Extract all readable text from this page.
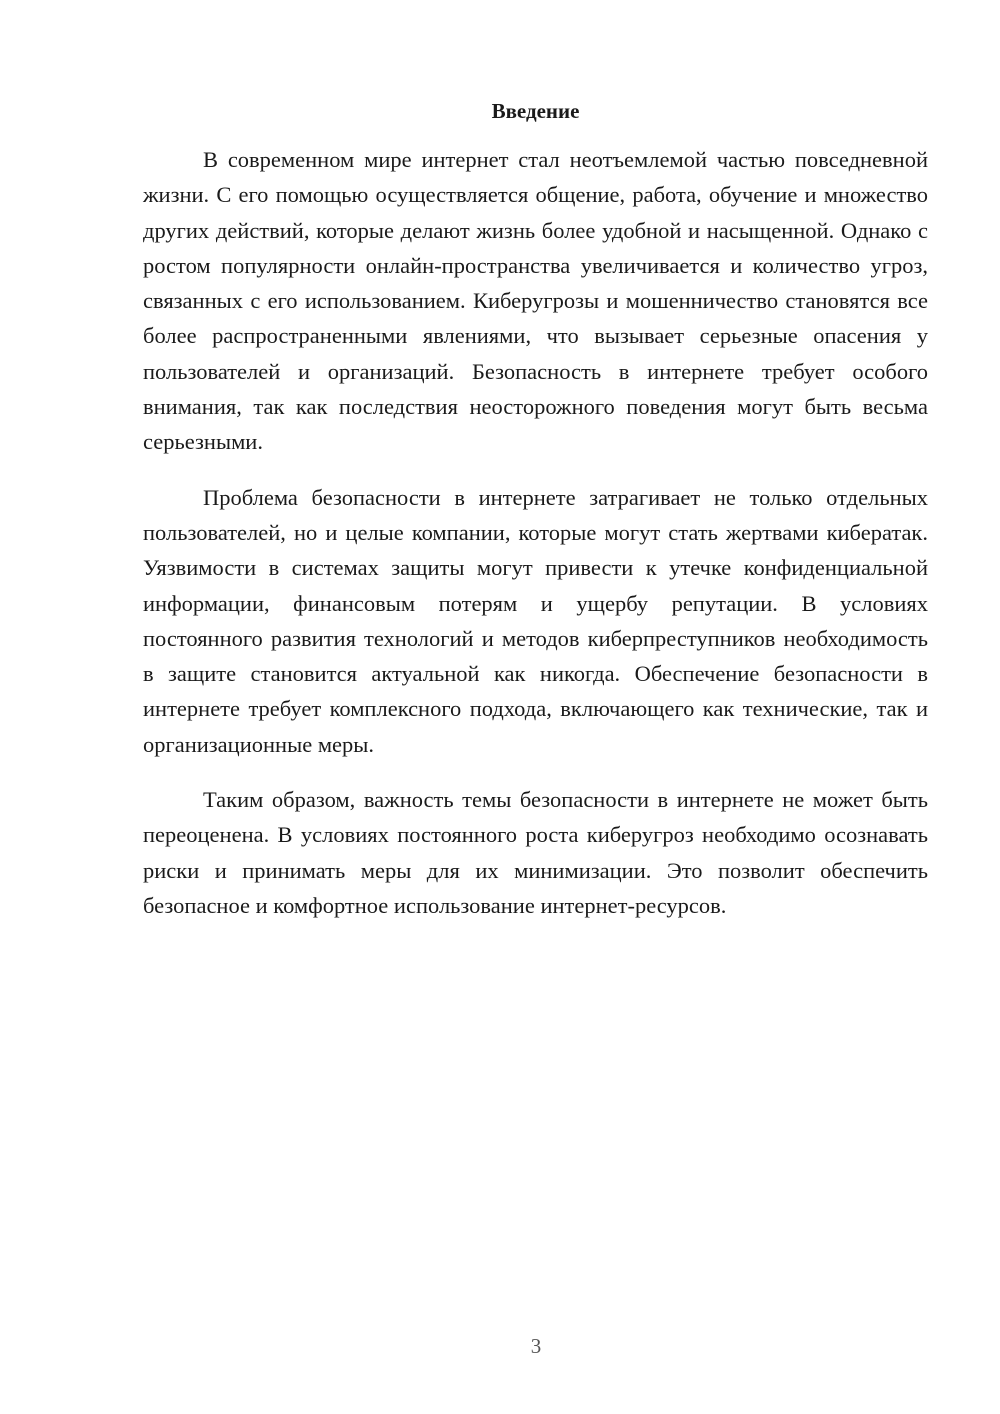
Введение

В современном мире интернет стал неотъемлемой частью повседневной жизни. С его помощью осуществляется общение, работа, обучение и множество других действий, которые делают жизнь более удобной и насыщенной. Однако с ростом популярности онлайн-пространства увеличивается и количество угроз, связанных с его использованием. Киберугрозы и мошенничество становятся все более распространенными явлениями, что вызывает серьезные опасения у пользователей и организаций. Безопасность в интернете требует особого внимания, так как последствия неосторожного поведения могут быть весьма серьезными.

Проблема безопасности в интернете затрагивает не только отдельных пользователей, но и целые компании, которые могут стать жертвами кибератак. Уязвимости в системах защиты могут привести к утечке конфиденциальной информации, финансовым потерям и ущербу репутации. В условиях постоянного развития технологий и методов киберпреступников необходимость в защите становится актуальной как никогда. Обеспечение безопасности в интернете требует комплексного подхода, включающего как технические, так и организационные меры.

Таким образом, важность темы безопасности в интернете не может быть переоценена. В условиях постоянного роста киберугроз необходимо осознавать риски и принимать меры для их минимизации. Это позволит обеспечить безопасное и комфортное использование интернет-ресурсов.

3
